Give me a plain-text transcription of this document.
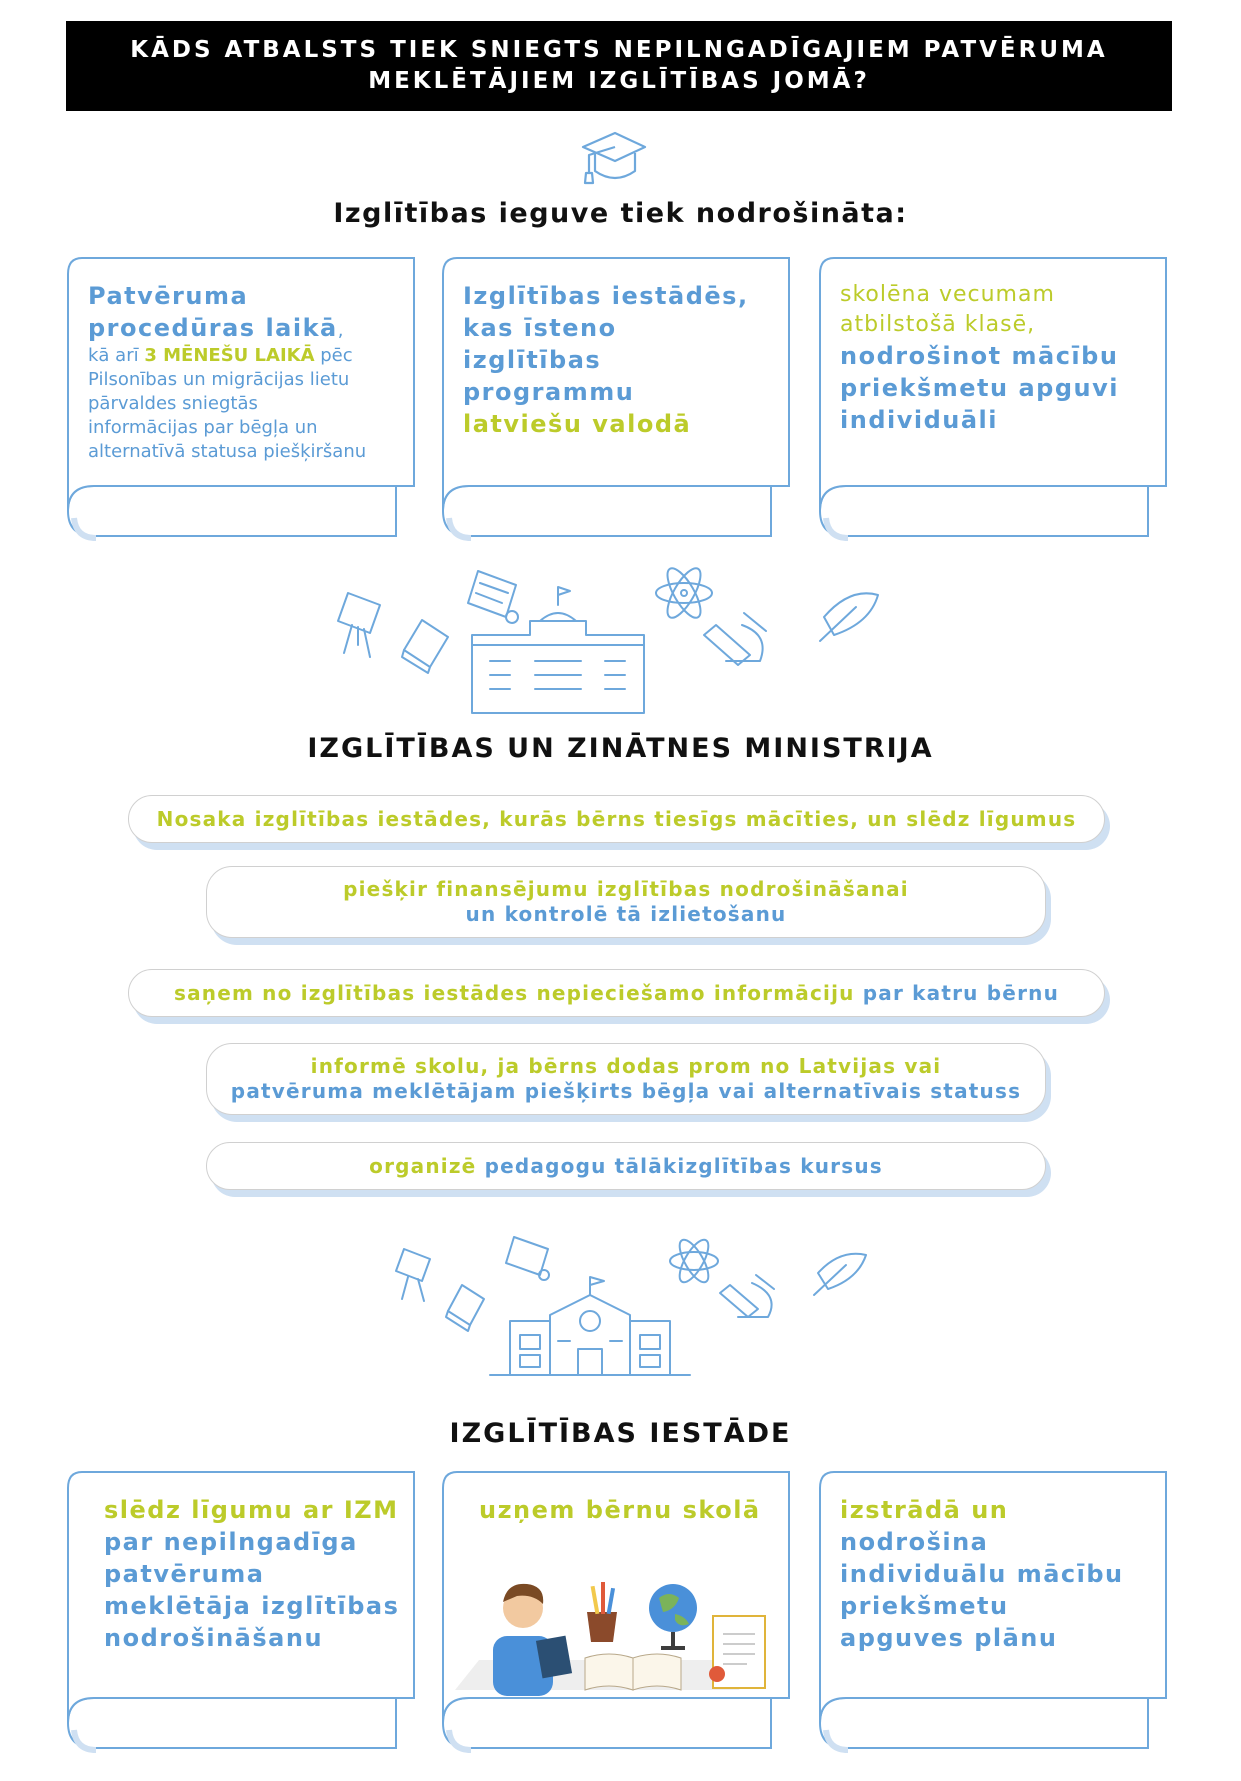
KĀDS ATBALSTS TIEK SNIEGTS NEPILNGADĪGAJIEM PATVĒRUMA
MEKLĒTĀJIEM IZGLĪTĪBAS JOMĀ?
Izglītības ieguve tiek nodrošināta:
Patvēruma
procedūras laikā,
kā arī 3 MĒNEŠU LAIKĀ pēc
Pilsonības un migrācijas lietu
pārvaldes sniegtās
informācijas par bēgļa un
alternatīvā statusa piešķiršanu
Izglītības iestādēs,
kas īsteno
izglītības
programmu
latviešu valodā
skolēna vecumam
atbilstošā klasē,
nodrošinot mācību
priekšmetu apguvi
individuāli
IZGLĪTĪBAS UN ZINĀTNES MINISTRIJA
Nosaka izglītības iestādes, kurās bērns tiesīgs mācīties, un slēdz līgumus
piešķir finansējumu izglītības nodrošināšanai
un kontrolē tā izlietošanu
saņem no izglītības iestādes nepieciešamo informāciju par katru bērnu
informē skolu, ja bērns dodas prom no Latvijas vai
patvēruma meklētājam piešķirts bēgļa vai alternatīvais statuss
organizē pedagogu tālākizglītības kursus
IZGLĪTĪBAS IESTĀDE
slēdz līgumu ar IZM
par nepilngadīga
patvēruma
meklētāja izglītības
nodrošināšanu
uzņem bērnu skolā	izstrādā un
nodrošina
individuālu mācību
priekšmetu
apguves plānu
